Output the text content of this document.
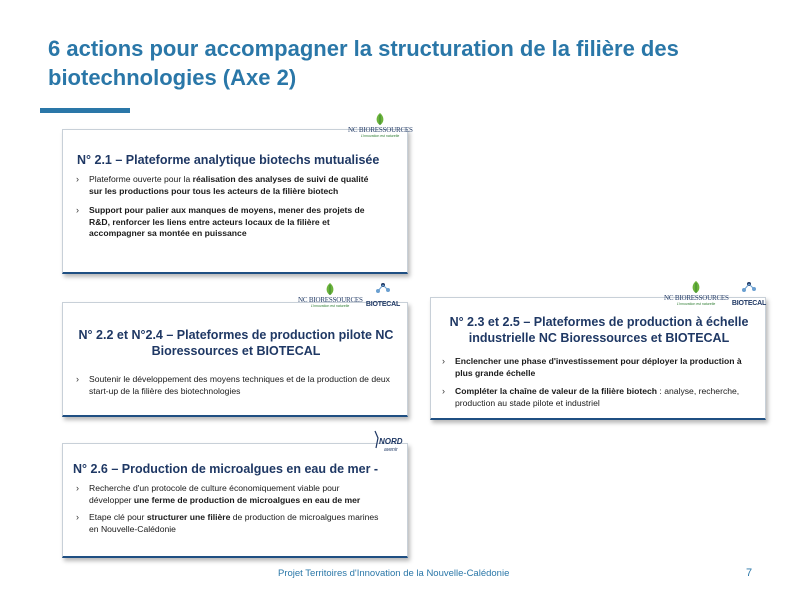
6 actions pour accompagner la structuration de la filière des biotechnologies (Axe 2)
N° 2.1 – Plateforme analytique biotechs mutualisée
› Plateforme ouverte pour la réalisation des analyses de suivi de qualité sur les productions pour tous les acteurs de la filière biotech
› Support pour palier aux manques de moyens, mener des projets de R&D, renforcer les liens entre acteurs locaux de la filière et accompagner sa montée en puissance
NC BIORESSOURCES
L'innovation est naturelle
N° 2.2 et N°2.4 – Plateformes de production pilote NC Bioressources et BIOTECAL
› Soutenir le développement des moyens techniques et de la production de deux start-up de la filière des biotechnologies
NC BIORESSOURCES
L'innovation est naturelle	BIOTECAL
N° 2.3 et 2.5 – Plateformes de production à échelle industrielle NC Bioressources et BIOTECAL
› Enclencher une phase d'investissement pour déployer la production à plus grande échelle
› Compléter la chaîne de valeur de la filière biotech : analyse, recherche, production au stade pilote et industriel
NC BIORESSOURCES
L'innovation est naturelle	BIOTECAL
N° 2.6 – Production de microalgues en eau de mer -
› Recherche d'un protocole de culture économiquement viable pour développer une ferme de production de microalgues en eau de mer
› Etape clé pour structurer une filière de production de microalgues marines en Nouvelle-Calédonie
NORD
avenir
Projet Territoires d'Innovation de la Nouvelle-Calédonie	7
